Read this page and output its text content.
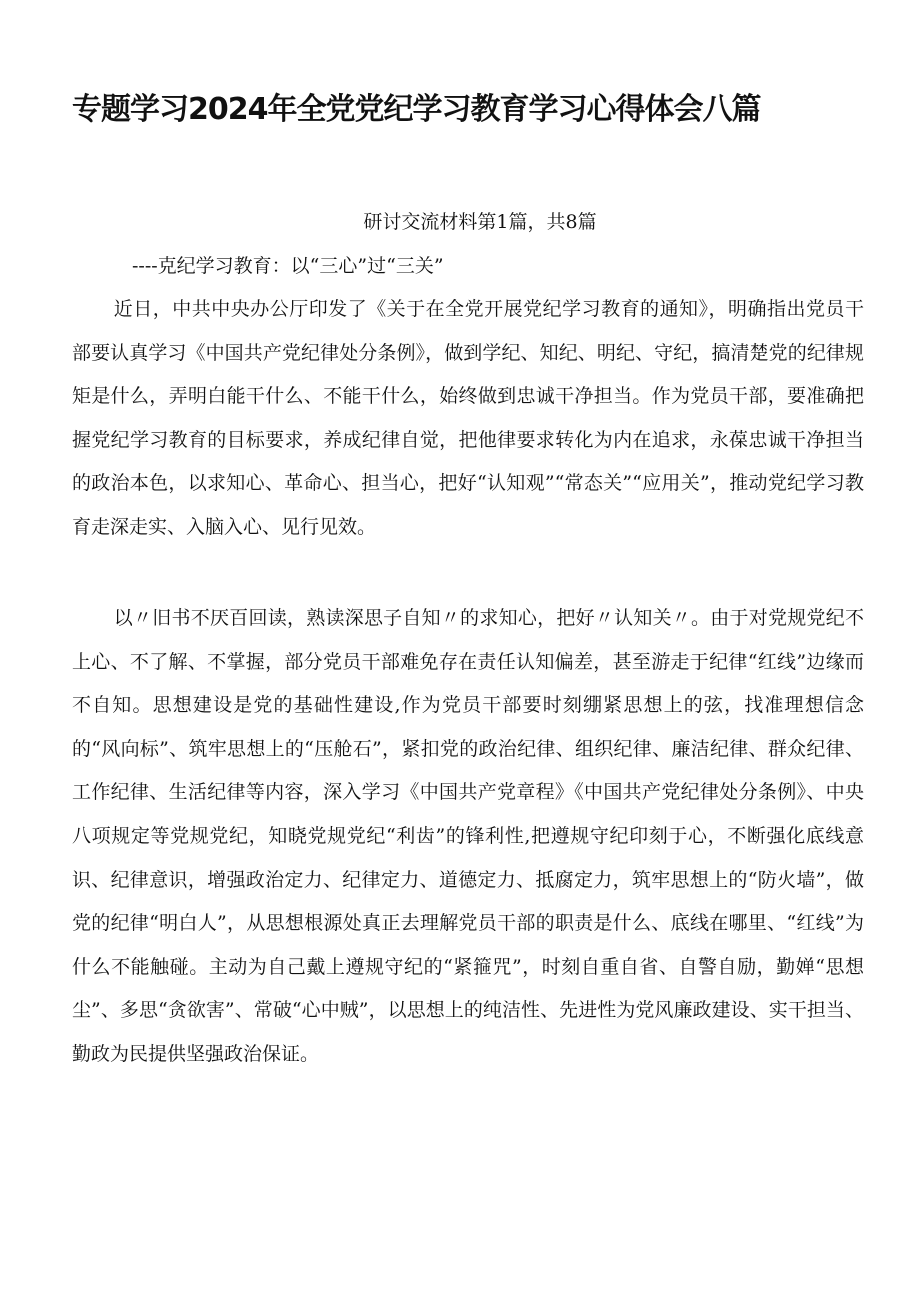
专题学习2024年全党党纪学习教育学习心得体会八篇
研讨交流材料第1篇，共8篇
----克纪学习教育：以“三心”过“三关”

近日，中共中央办公厅印发了《关于在全党开展党纪学习教育的通知》，明确指出党员干部要认真学习《中国共产党纪律处分条例》，做到学纪、知纪、明纪、守纪，搞清楚党的纪律规矩是什么，弄明白能干什么、不能干什么，始终做到忠诚干净担当。作为党员干部，要准确把握党纪学习教育的目标要求，养成纪律自觉，把他律要求转化为内在追求，永葆忠诚干净担当的政治本色，以求知心、革命心、担当心，把好“认知观”“常态关”“应用关”，推动党纪学习教育走深走实、入脑入心、见行见效。

以〃旧书不厌百回读，熟读深思子自知〃的求知心，把好〃认知关〃。由于对党规党纪不上心、不了解、不掌握，部分党员干部难免存在责任认知偏差，甚至游走于纪律“红线”边缘而不自知。思想建设是党的基础性建设,作为党员干部要时刻绷紧思想上的弦，找准理想信念的“风向标”、筑牢思想上的“压舱石”，紧扣党的政治纪律、组织纪律、廉洁纪律、群众纪律、工作纪律、生活纪律等内容，深入学习《中国共产党章程》《中国共产党纪律处分条例》、中央八项规定等党规党纪，知晓党规党纪“利齿”的锋利性,把遵规守纪印刻于心，不断强化底线意识、纪律意识，增强政治定力、纪律定力、道德定力、抵腐定力，筑牢思想上的“防火墙”，做党的纪律“明白人”，从思想根源处真正去理解党员干部的职责是什么、底线在哪里、“红线”为什么不能触碰。主动为自己戴上遵规守纪的“紧箍咒”，时刻自重自省、自警自励，勤婵“思想尘”、多思“贪欲害”、常破“心中贼”，以思想上的纯洁性、先进性为党风廉政建设、实干担当、勤政为民提供坚强政治保证。
